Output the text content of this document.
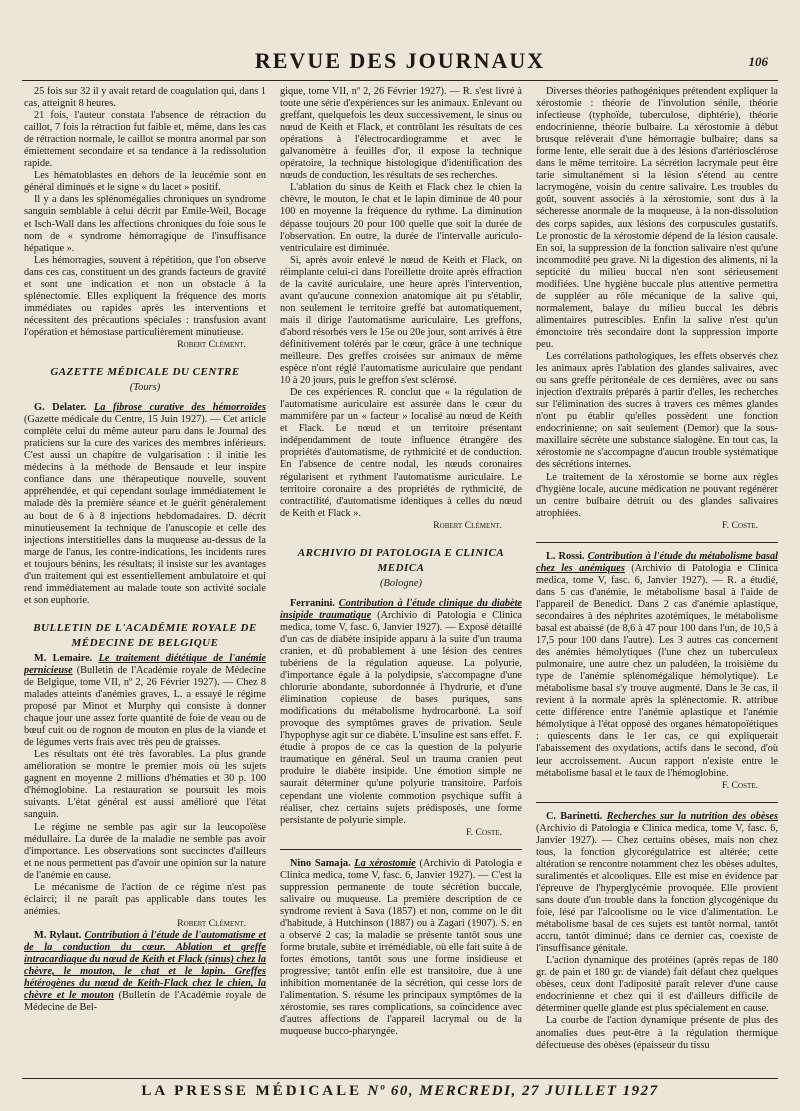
REVUE DES JOURNAUX	106

25 fois sur 32 il y avait retard de coagulation qui, dans 1 cas, atteignit 8 heures.

21 fois, l'auteur constata l'absence de rétraction du caillot, 7 fois la rétraction fut faible et, même, dans les cas de rétraction normale, le caillot se montra anormal par son émiettement secondaire et sa tendance à la redissolution rapide.

Les hématoblastes en dehors de la leucémie sont en général diminués et le signe « du lacet » positif.

Il y a dans les splénomégalies chroniques un syndrome sanguin semblable à celui décrit par Emile-Weil, Bocage et Isch-Wall dans les affections chroniques du foie sous le nom de « syndrome hémorragique de l'insuffisance hépatique ».

Les hémorragies, souvent à répétition, que l'on observe dans ces cas, constituent un des grands facteurs de gravité et sont une indication et non un obstacle à la splénectomie. Elles expliquent la fréquence des morts immédiates ou rapides après les interventions et nécessitent des précautions spéciales : transfusion avant l'opération et hémostase particulièrement minutieuse.

Robert Clément.

GAZETTE MÉDICALE DU CENTRE
(Tours)

G. Delater. La fibrose curative des hémorroïdes (Gazette médicale du Centre, 15 Juin 1927). — Cet article complète celui du même auteur paru dans le Journal des praticiens sur la cure des varices des membres inférieurs. C'est aussi un chapitre de vulgarisation : il initie les médecins à la méthode de Bensaude et leur inspire confiance dans une thérapeutique nouvelle, souvent appréhendée, et qui cependant soulage immédiatement le malade dès la première séance et le guérit généralement au bout de 6 à 8 injections hebdomadaires. D. décrit minutieusement la technique de l'anuscopie et celle des injections interstitielles dans la muqueuse au-dessus de la marge de l'anus, les contre-indications, les incidents rares et toujours bénins, les résultats; il insiste sur les avantages d'un traitement qui est essentiellement ambulatoire et qui rend immédiatement au malade toute son activité sociale et son euphorie.

BULLETIN DE L'ACADÉMIE ROYALE DE MÉDECINE DE BELGIQUE

M. Lemaire. Le traitement diététique de l'anémie pernicieuse (Bulletin de l'Académie royale de Médecine de Belgique, tome VII, nº 2, 26 Février 1927). — Chez 8 malades atteints d'anémies graves, L. a essayé le régime proposé par Minot et Murphy qui consiste à donner chaque jour une assez forte quantité de foie de veau ou de bœuf cuit ou de rognon de mouton en plus de la viande et de légumes verts frais avec très peu de graisses.

Les résultats ont été très favorables. La plus grande amélioration se montre le premier mois où les sujets gagnent en moyenne 2 millions d'hématies et 30 p. 100 d'hémoglobine. La restauration se poursuit les mois suivants. L'état général est aussi amélioré que l'état sanguin.

Le régime ne semble pas agir sur la leucopoïèse médullaire. La durée de la maladie ne semble pas avoir d'importance. Les observations sont succinctes d'ailleurs et ne nous permettent pas d'avoir une opinion sur la nature de l'anémie en cause.

Le mécanisme de l'action de ce régime n'est pas éclairci; il ne paraît pas applicable dans toutes les anémies.

Robert Clément.

M. Rylaut. Contribution à l'étude de l'automatisme et de la conduction du cœur. Ablation et greffe intracardiaque du nœud de Keith et Flack (sinus) chez la chèvre, le mouton, le chat et le lapin. Greffes hétérogènes du nœud de Keith-Flack chez le chien, la chèvre et le mouton (Bulletin de l'Académie royale de Médecine de Bel-

gique, tome VII, nº 2, 26 Février 1927). — R. s'est livré à toute une série d'expériences sur les animaux. Enlevant ou greffant, quelquefois les deux successivement, le sinus ou nœud de Keith et Flack, et contrôlant les résultats de ces opérations à l'électrocardiogramme et avec le galvanomètre à feuilles d'or, il expose la technique opératoire, la technique histologique d'identification des nœuds de conduction, les résultats de ses recherches.

L'ablation du sinus de Keith et Flack chez le chien la chèvre, le mouton, le chat et le lapin diminue de 40 pour 100 en moyenne la fréquence du rythme. La diminution dépasse toujours 20 pour 100 quelle que soit la durée de l'observation. En outre, la durée de l'intervalle auriculo-ventriculaire est diminuée.

Si, après avoir enlevé le nœud de Keith et Flack, on réimplante celui-ci dans l'oreillette droite après effraction de la cavité auriculaire, une heure après l'intervention, avant qu'aucune connexion anatomique ait pu s'établir, non seulement le territoire greffé bat automatiquement, mais il dirige l'automatisme auriculaire. Les greffons, d'abord résorbés vers le 15e ou 20e jour, sont arrivés à être définitivement tolérés par le cœur, grâce à une technique meilleure. Des greffes croisées sur animaux de même espèce n'ont réglé l'automatisme auriculaire que pendant 10 à 20 jours, puis le greffon s'est sclérosé.

De ces expériences R. conclut que « la régulation de l'automatisme auriculaire est assurée dans le cœur du mammifère par un « facteur » localisé au nœud de Keith et Flack. Le nœud et un territoire présentant indépendamment de toute influence étrangère des propriétés d'automatisme, de rythmicité et de conduction. En l'absence de centre nodal, les nœuds coronaires régularisent et rythment l'automatisme auriculaire. Le territoire coronaire a des propriétés de rythmicité, de contractilité, d'automatisme identiques à celles du nœud de Keith et Flack ».

Robert Clément.

ARCHIVIO DI PATOLOGIA E CLINICA MEDICA
(Bologne)

Ferranini. Contribution à l'étude clinique du diabète insipide traumatique (Archivio di Patologia e Clinica medica, tome V, fasc. 6, Janvier 1927). — Exposé détaillé d'un cas de diabète insipide apparu à la suite d'un trauma cranien, et dû probablement à une lésion des centres tubériens de la régulation aqueuse. La polyurie, d'importance égale à la polydipsie, s'accompagne d'une chlorurie abondante, subordonnée à l'hydrurie, et d'une élimination copieuse de bases puriques, sans modifications du métabolisme hydrocarboné. La soif provoque des symptômes graves de privation. Seule l'hypophyse agit sur ce diabète. L'insuline est sans effet. F. étudie à propos de ce cas la question de la polyurie traumatique en général. Seul un trauma cranien peut produire le diabète insipide. Une émotion simple ne saurait déterminer qu'une polyurie transitoire. Parfois cependant une violente commotion psychique suffit à réaliser, chez certains sujets prédisposés, une forme persistante de polyurie simple.

F. Coste.

Nino Samaja. La xérostomie (Archivio di Patologia e Clinica medica, tome V, fasc. 6, Janvier 1927). — C'est la suppression permanente de toute sécrétion buccale, salivaire ou muqueuse. La première description de ce syndrome revient à Sava (1857) et non, comme on le dit d'habitude, à Hutchinson (1887) ou à Zagari (1907). S. en a observé 2 cas; la maladie se présente tantôt sous une forme brutale, subite et irrémédiable, où elle fait suite à de fortes émotions, tantôt sous une forme insidieuse et progressive; tantôt enfin elle est transitoire, due à une inhibition momentanée de la sécrétion, qui cesse lors de l'alimentation. S. résume les principaux symptômes de la xérostomie, ses rares complications, sa coïncidence avec d'autres affections de l'appareil lacrymal ou de la muqueuse bucco-pharyngée.

Diverses théories pathogéniques prétendent expliquer la xérostomie : théorie de l'involution sénile, théorie infectieuse (typhoïde, tuberculose, diphtérie), théorie endocrinienne, théorie bulbaire. La xérostomie à début brusque relèverait d'une hémorragie bulbaire; dans sa forme lente, elle serait due à des lésions d'artériosclérose dans le même territoire. La sécrétion lacrymale peut être tarie simultanément si la lésion s'étend au centre lacrymogène, voisin du centre salivaire. Les troubles du goût, souvent associés à la xérostomie, sont dus à la sécheresse anormale de la muqueuse, à la non-dissolution des corps sapides, aux lésions des corpuscules gustatifs. Le pronostic de la xérostomie dépend de la lésion causale. En soi, la suppression de la fonction salivaire n'est qu'une incommodité peu grave. Ni la digestion des aliments, ni la septicité du milieu buccal n'en sont sérieusement modifiées. Une hygiène buccale plus attentive permettra de suppléer au rôle mécanique de la salive qui, normalement, balaye du milieu buccal les débris alimentaires putrescibles. Enfin la salive n'est qu'un émonctoire très secondaire dont la suppression importe peu.

Les corrélations pathologiques, les effets observés chez les animaux après l'ablation des glandes salivaires, avec ou sans greffe péritonéale de ces dernières, avec ou sans injection d'extraits préparés à partir d'elles, les recherches sur l'élimination des sucres à travers ces mêmes glandes n'ont pu établir qu'elles possèdent une fonction endocrinienne; on sait seulement (Demor) que la sous-maxillaire sécrète une substance sialogène. En tout cas, la xérostomie ne s'accompagne d'aucun trouble systématique des sécrétions internes.

Le traitement de la xérostomie se borne aux règles d'hygiène locale, aucune médication ne pouvant regénérer un centre bulbaire détruit ou des glandes salivaires atrophiées.

F. Coste.

L. Rossi. Contribution à l'étude du métabolisme basal chez les anémiques (Archivio di Patologia e Clinica medica, tome V, fasc. 6, Janvier 1927). — R. a étudié, dans 5 cas d'anémie, le métabolisme basal à l'aide de l'appareil de Benedict. Dans 2 cas d'anémie aplastique, secondaires à des néphrites azotémiques, le métabolisme basal est abaissé (de 8,6 à 47 pour 100 dans l'un, de 10,5 à 17,5 pour 100 dans l'autre). Les 3 autres cas concernent des anémies hémolytiques (l'une chez un tuberculeux pulmonaire, une autre chez un paludéen, la troisième du type de l'anémie splénomégalique hémolytique). Le métabolisme basal s'y trouve augmenté. Dans le 3e cas, il revient à la normale après la splénectomie. R. attribue cette différence entre l'anémie aplastique et l'anémie hémolytique à l'état opposé des organes hématopoïétiques : quiescents dans le 1er cas, ce qui expliquerait l'abaissement des oxydations, actifs dans le second, d'où leur accroissement. Aucun rapport n'existe entre le métabolisme basal et le taux de l'hémoglobine.

F. Coste.

C. Barinetti. Recherches sur la nutrition des obèses (Archivio di Patologia e Clinica medica, tome V, fasc. 6, Janvier 1927). — Chez certains obèses, mais non chez tous, la fonction glycorégulatrice est altérée; cette altération se rencontre notamment chez les obèses adultes, suralimentés et alcooliques. Elle est mise en évidence par l'épreuve de l'hyperglycémie provoquée. Elle provient sans doute d'un trouble dans la fonction glycogénique du foie, lésé par l'alcoolisme ou le vice d'alimentation. Le métabolisme basal de ces sujets est tantôt normal, tantôt accru, tantôt diminué; dans ce dernier cas, coexiste de l'insuffisance génitale.

L'action dynamique des protéines (après repas de 180 gr. de pain et 180 gr. de viande) fait défaut chez quelques obèses, ceux dont l'adiposité paraît relever d'une cause endocrinienne et chez qui il est d'ailleurs difficile de déterminer quelle glande est plus spécialement en cause.

La courbe de l'action dynamique présente de plus des anomalies dues peut-être à la régulation thermique défectueuse des obèses (épaisseur du tissu

LA PRESSE MÉDICALE Nº 60, MERCREDI, 27 JUILLET 1927
